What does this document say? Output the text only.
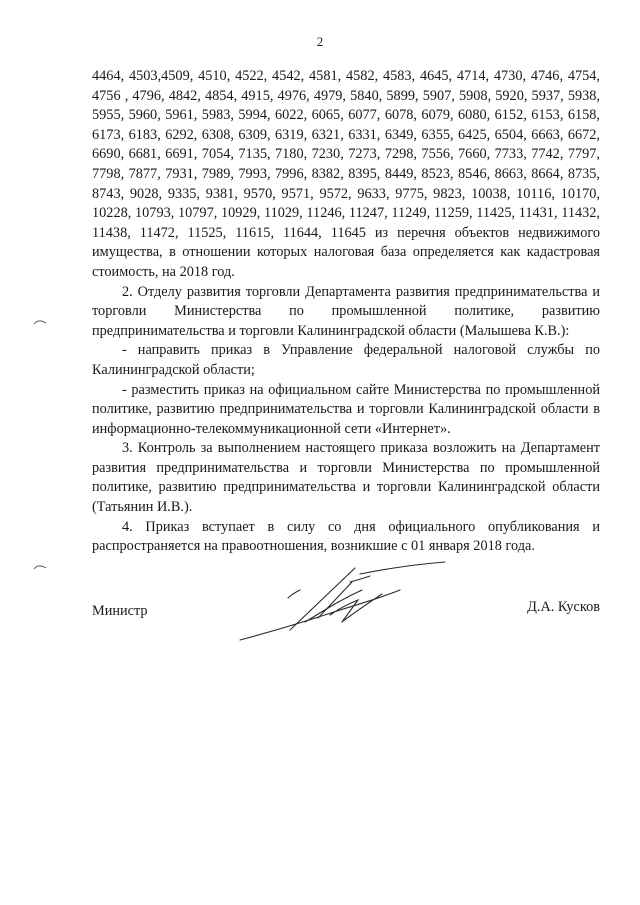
2

4464, 4503,4509, 4510, 4522, 4542, 4581, 4582, 4583, 4645, 4714, 4730, 4746, 4754, 4756 , 4796, 4842, 4854, 4915, 4976, 4979, 5840, 5899, 5907, 5908, 5920, 5937, 5938, 5955, 5960, 5961, 5983, 5994, 6022, 6065, 6077, 6078, 6079, 6080, 6152, 6153, 6158, 6173, 6183, 6292, 6308, 6309, 6319, 6321, 6331, 6349, 6355, 6425, 6504, 6663, 6672, 6690, 6681, 6691, 7054, 7135, 7180, 7230, 7273, 7298, 7556, 7660, 7733, 7742, 7797, 7798, 7877, 7931, 7989, 7993, 7996, 8382, 8395, 8449, 8523, 8546, 8663, 8664, 8735, 8743, 9028, 9335, 9381, 9570, 9571, 9572, 9633, 9775, 9823, 10038, 10116, 10170, 10228, 10793, 10797, 10929, 11029, 11246, 11247, 11249, 11259, 11425, 11431, 11432, 11438, 11472, 11525, 11615, 11644, 11645 из перечня объектов недвижимого имущества, в отношении которых налоговая база определяется как кадастровая стоимость, на 2018 год.

2. Отделу развития торговли Департамента развития предпринимательства и торговли Министерства по промышленной политике, развитию предпринимательства и торговли Калининградской области (Малышева К.В.):

- направить приказ в Управление федеральной налоговой службы по Калининградской области;

- разместить приказ на официальном сайте Министерства по промышленной политике, развитию предпринимательства и торговли Калининградской области в информационно-телекоммуникационной сети «Интернет».

3. Контроль за выполнением настоящего приказа возложить на Департамент развития предпринимательства и торговли Министерства по промышленной политике, развитию предпринимательства и торговли Калининградской области (Татьянин И.В.).

4. Приказ вступает в силу со дня официального опубликования и распространяется на правоотношения, возникшие с 01 января 2018 года.

Министр	Д.А. Кусков
